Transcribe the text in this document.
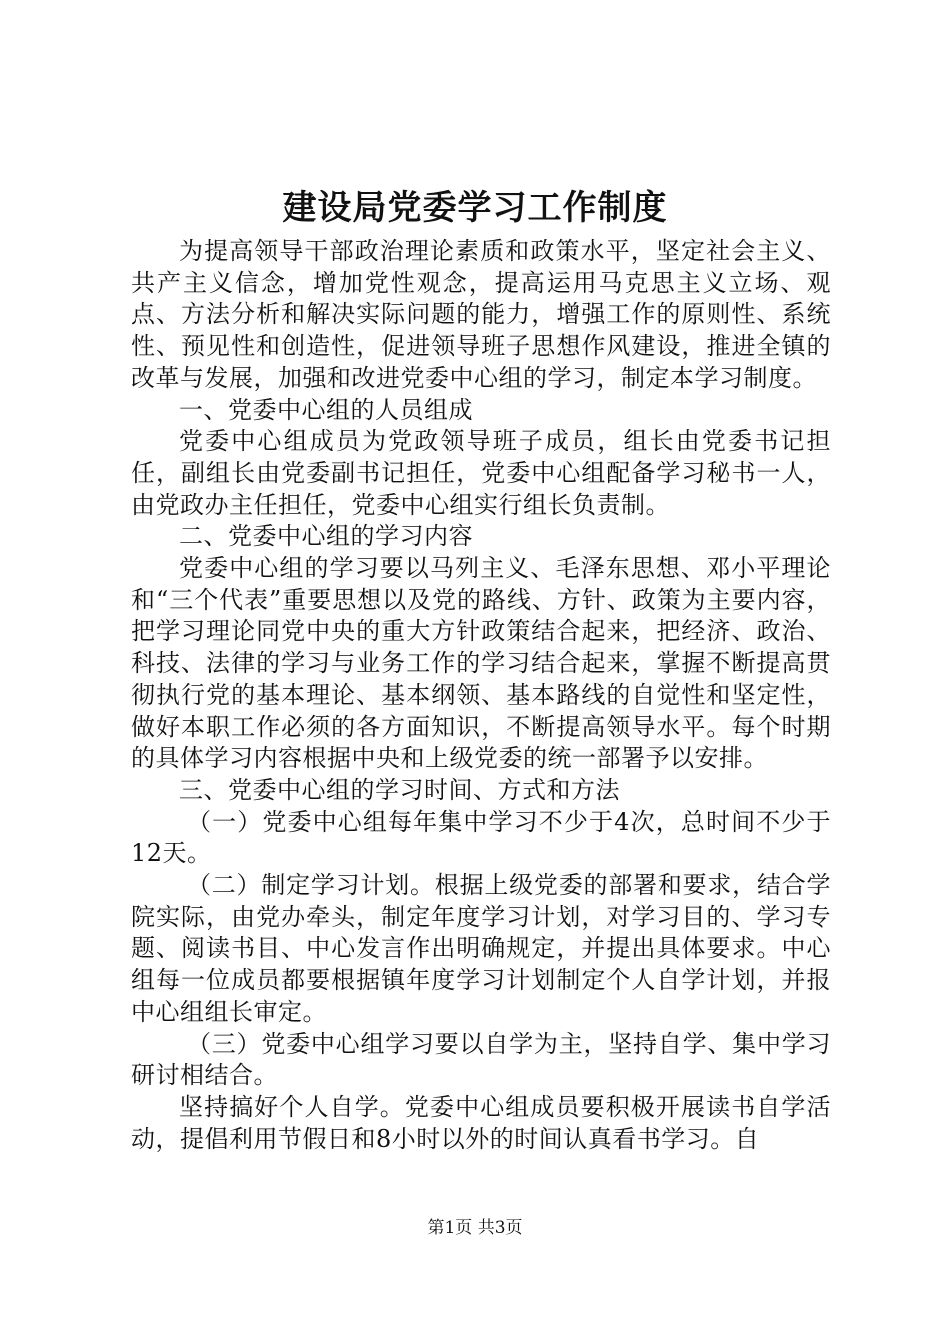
建设局党委学习工作制度

为提高领导干部政治理论素质和政策水平，坚定社会主义、共产主义信念，增加党性观念，提高运用马克思主义立场、观点、方法分析和解决实际问题的能力，增强工作的原则性、系统性、预见性和创造性，促进领导班子思想作风建设，推进全镇的改革与发展，加强和改进党委中心组的学习，制定本学习制度。

一、党委中心组的人员组成

党委中心组成员为党政领导班子成员，组长由党委书记担任，副组长由党委副书记担任，党委中心组配备学习秘书一人，由党政办主任担任，党委中心组实行组长负责制。

二、党委中心组的学习内容

党委中心组的学习要以马列主义、毛泽东思想、邓小平理论和“三个代表”重要思想以及党的路线、方针、政策为主要内容，把学习理论同党中央的重大方针政策结合起来，把经济、政治、科技、法律的学习与业务工作的学习结合起来，掌握不断提高贯彻执行党的基本理论、基本纲领、基本路线的自觉性和坚定性，做好本职工作必须的各方面知识，不断提高领导水平。每个时期的具体学习内容根据中央和上级党委的统一部署予以安排。

三、党委中心组的学习时间、方式和方法

（一）党委中心组每年集中学习不少于4次，总时间不少于12天。

（二）制定学习计划。根据上级党委的部署和要求，结合学院实际，由党办牵头，制定年度学习计划，对学习目的、学习专题、阅读书目、中心发言作出明确规定，并提出具体要求。中心组每一位成员都要根据镇年度学习计划制定个人自学计划，并报中心组组长审定。

（三）党委中心组学习要以自学为主，坚持自学、集中学习研讨相结合。

坚持搞好个人自学。党委中心组成员要积极开展读书自学活动，提倡利用节假日和8小时以外的时间认真看书学习。自

第1页 共3页
